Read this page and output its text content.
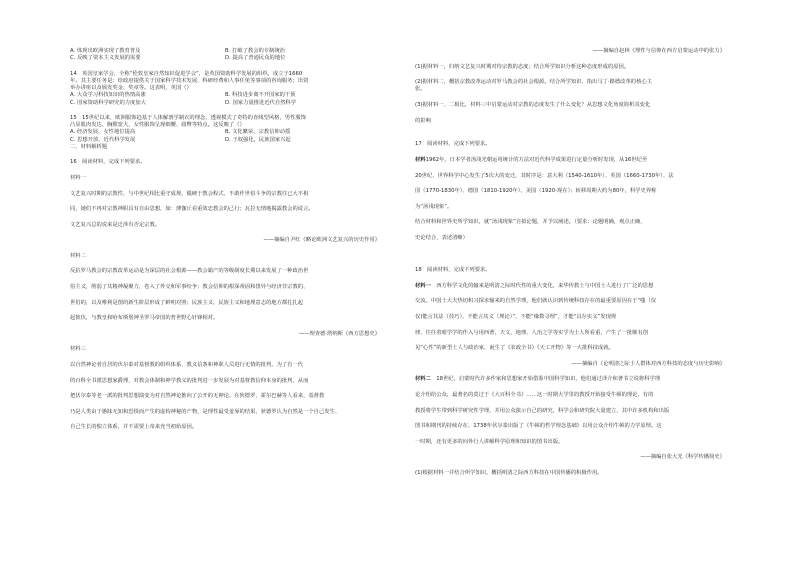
A. 体现出欧洲实现了教育普及	B. 打破了教会的专制统治
C. 反映了资本主义发展的需要	D. 提高了普通民众的地位

14　英国皇家学会，全称“伦敦皇家自然知识促进学会”，是英国资助科学发展的组织，成立于1660

年。其主要任务是：给政府提供关于国家科学技术发展、科研经费和人事任免等事项的咨询服务；出资

举办讲座以及颁发奖金、奖章等。这表明，英国（）

A. 大众学习科技知识的热情高涨	B. 科技进步离不开国家的干预
C. 国家资助科学研究的力度加大	D. 国家力量推进近代自然科学

15　15世纪以来，欧洲服饰趋基于人体解剖学制衣的理念，透视模式了奇特的直线型风格，男性服饰

凸显肌肉发达、胸膛宽大，女性服饰呈现细腰、圆臀等特点。这反映了（）

A. 经济发展，女性地位提高	B. 文化繁荣，宗教信仰动摇
C. 思想开放，近代科学发展	D. 王权强化，民族国家兴起

二、材料解析题

16　阅读材料，完成下列要求。

材料一

文艺复兴时期的宗教性，与中世纪相比重守成规、僵硬于教会程式、不敢作世俗斗争的宗教往已大不相

同，她们不再对宗教神职具有自由思想，如：薄伽丘看重效忠教会的己行；瓦拉无情地揭露教会的谎言。

文艺复兴总的说来是迁涉有否定宗教。

——摘编自尹红《略论欧洲文艺复兴的历史作用》

材料二

反抗罗马教会的宗教改革运动是为深层的社会根源——教会霸产的等级制度长期以来发展了一种政治世

俗主义，削弱了其精神凝聚力，卷入了外交和军事纷争；教会信仰的根深蒂固和排异与经济非宗教的、

世俗的，以及唯利是图的新生阶层形成了鲜明对照；民族主义、民族主义和地理意志的地方都扎扎起

起彼伏，与教皇和哈布斯堡神圣罗马帝国的普世野心针锋相对。

——理查德·塔纳斯《西方思想史》

材料三

以自然神论者自居的伏尔泰对基督教的组织体系、教义信条和神职人员进行无情的批判，为了有一代

的百科全书派思想家爵理，对教会体制和神学教义的批判进一步发展为对基督教信仰本身的批判，从而

把伏尔泰等老一派的批判思想演变为对自然神论推向了公开的无神论。在狄德罗、霍尔巴赫等人看来，基督教

乃是人类由于愚昧无知和恐惧而产生的虚构神秘的产物，是理性最受羞辱的结果，狄德罗认为自然是一个自己发生、

自己生长的独立体系，并不需要上帝来充当初始原因。

——摘编自赵林《理性与信仰在西方启蒙运动中的张力》

(1)据材料一，归纳文艺复兴时期对待宗教的态度；结合所学知识分析这种态度形成的原因。

(2)据材料二，概括宗教改革运动对罗马教会的社会根源。结合所学知识，指出马丁·路德改革的核心主

张。

(3)据材料一、二相比，材料三中启蒙运动对宗教的态度发生了什么变化？从思想文化角度简析其变化

的影响

17　阅读材料，完成下列要求。

材料1962年，日本学者汤浅光朝运用统计的方法对近代科学成果进行定量分析时发现，从16世纪至

20世纪，世界科学中心发生了5次大的变迁，其时序是：意大利（1540-1610年）、英国（1660-1730年）、法

国（1770-1830年）、德国（1810-1920年）、美国（1920-现在）；转移周期大约为80年，科学史界称

为“汤浅现象”。

结合材料和世界史所学知识，就“汤浅现象”自拟论题，并予以阐述。（要求：论题明确，观点正确，

史论结合，表述清晰）

18　阅读材料，完成下列要求。

材料一　西方科学文化的输来是明清之际时代性的重大变化，来华传教士与中国士人进行了广泛的思想

交流。中国士大夫热切积习探求输来的自然学理，他们就认识到传统科技存在的最重要原因在于“嗤（仅

仅)能言其法（技巧），不能言其义（理论）”，不能“缘数寻理”，才能“具存实义”发现规

律，往往着眼学学的作入与用西著，天文、地理、人治之学等实学为士人所看重，产生了一批颇有创

见“心性”的新型士人与政治家，诞生了《农政全书》《天工开物》等一大批科技成就。

——摘编自《论明清之际士人群体对西方科技的态度与历史影响》

材料二　18世纪，启蒙时代许多作家和思想家开始借鉴中国科学知识，他们通过译介和著书立说将科学理

论介绍给公众，最著名的莫过于《大百科全书》……这一时期大学里的教授开始接受牛顿的理论，有的

教授将学生带到科学研究性学理，并用公众演示自己的研究，科学会和研究院大量建立，其中许多机构和出版

图书和期刊的持续存在，1738年伏尔泰出版了《牛顿的哲学理念基础》以用公众介绍牛顿的力学原理。这

一时期，还有更多的问外行人讲解科学原理和知识的图书出版。

——摘编自张大光《科学传播简史》

(1)根据材料一并结合所学知识，概括明清之际西方科技在中国传播的积极作用。
